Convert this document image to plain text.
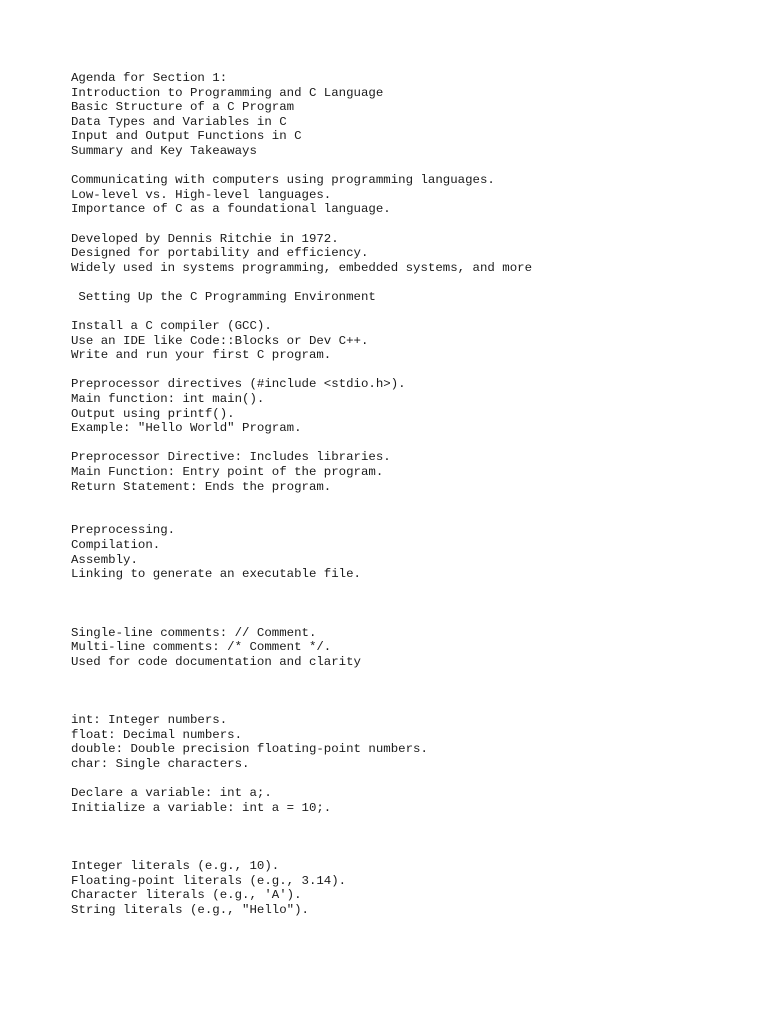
Agenda for Section 1:
Introduction to Programming and C Language
Basic Structure of a C Program
Data Types and Variables in C
Input and Output Functions in C
Summary and Key Takeaways
Communicating with computers using programming languages.
Low-level vs. High-level languages.
Importance of C as a foundational language.
Developed by Dennis Ritchie in 1972.
Designed for portability and efficiency.
Widely used in systems programming, embedded systems, and more
Setting Up the C Programming Environment
Install a C compiler (GCC).
Use an IDE like Code::Blocks or Dev C++.
Write and run your first C program.
Preprocessor directives (#include <stdio.h>).
Main function: int main().
Output using printf().
Example: "Hello World" Program.
Preprocessor Directive: Includes libraries.
Main Function: Entry point of the program.
Return Statement: Ends the program.
Preprocessing.
Compilation.
Assembly.
Linking to generate an executable file.
Single-line comments: // Comment.
Multi-line comments: /* Comment */.
Used for code documentation and clarity
int: Integer numbers.
float: Decimal numbers.
double: Double precision floating-point numbers.
char: Single characters.
Declare a variable: int a;.
Initialize a variable: int a = 10;.
Integer literals (e.g., 10).
Floating-point literals (e.g., 3.14).
Character literals (e.g., 'A').
String literals (e.g., "Hello").
